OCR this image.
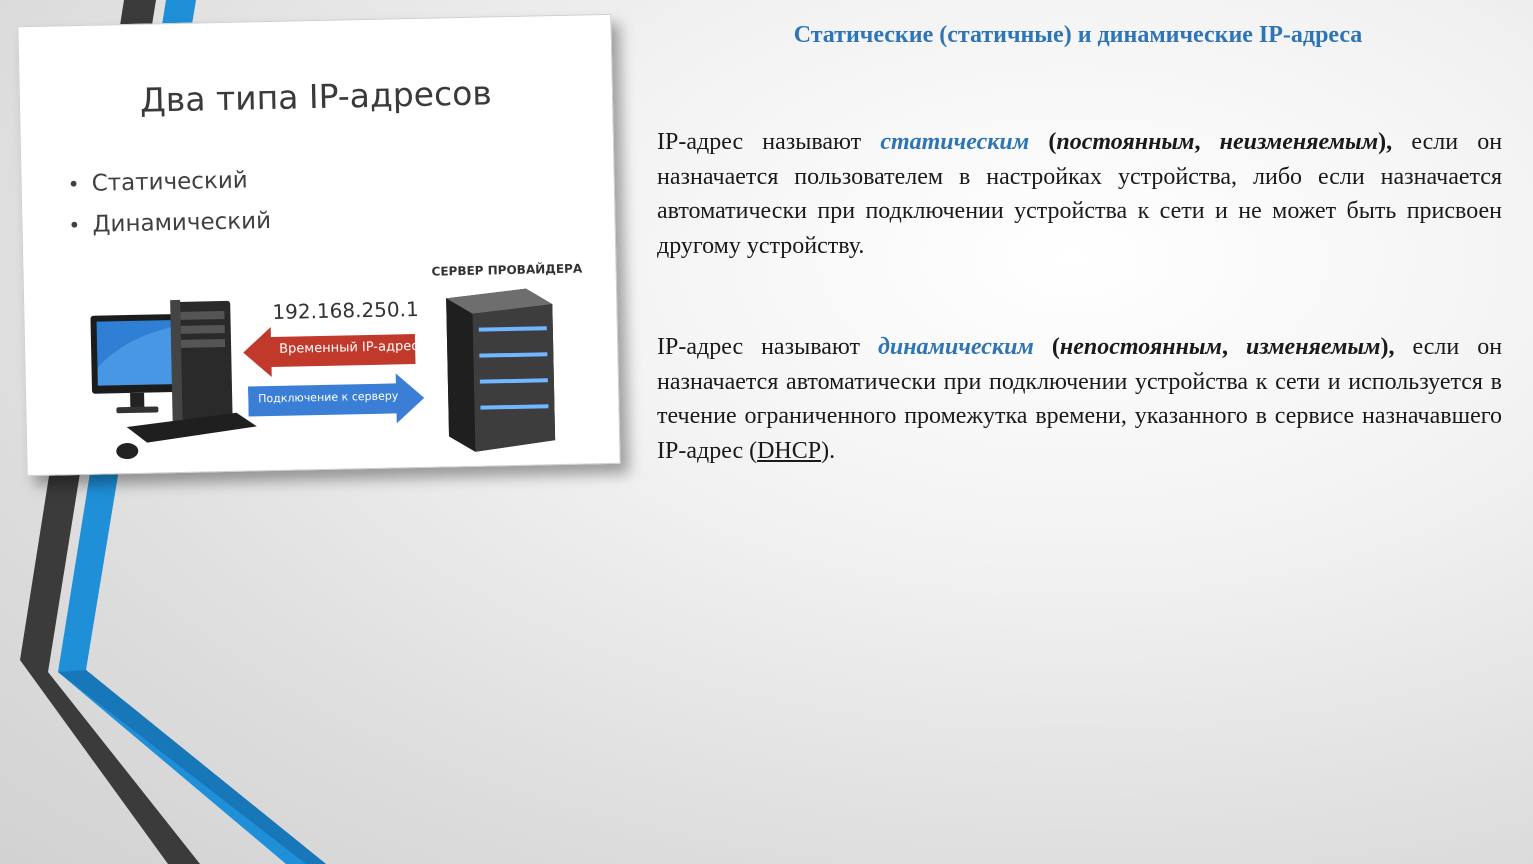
Два типа IP-адресов
• Статический
• Динамический
СЕРВЕР ПРОВАЙДЕРА
192.168.250.1
Временный IP-адрес
Подключение к серверу
Статические (статичные) и динамические IP-адреса

IP-адрес называют статическим (постоянным, неизменяемым), если он назначается пользователем в настройках устройства, либо если назначается автоматически при подключении устройства к сети и не может быть присвоен другому устройству.

IP-адрес называют динамическим (непостоянным, изменяемым), если он назначается автоматически при подключении устройства к сети и используется в течение ограниченного промежутка времени, указанного в сервисе назначавшего IP-адрес (DHCP).
